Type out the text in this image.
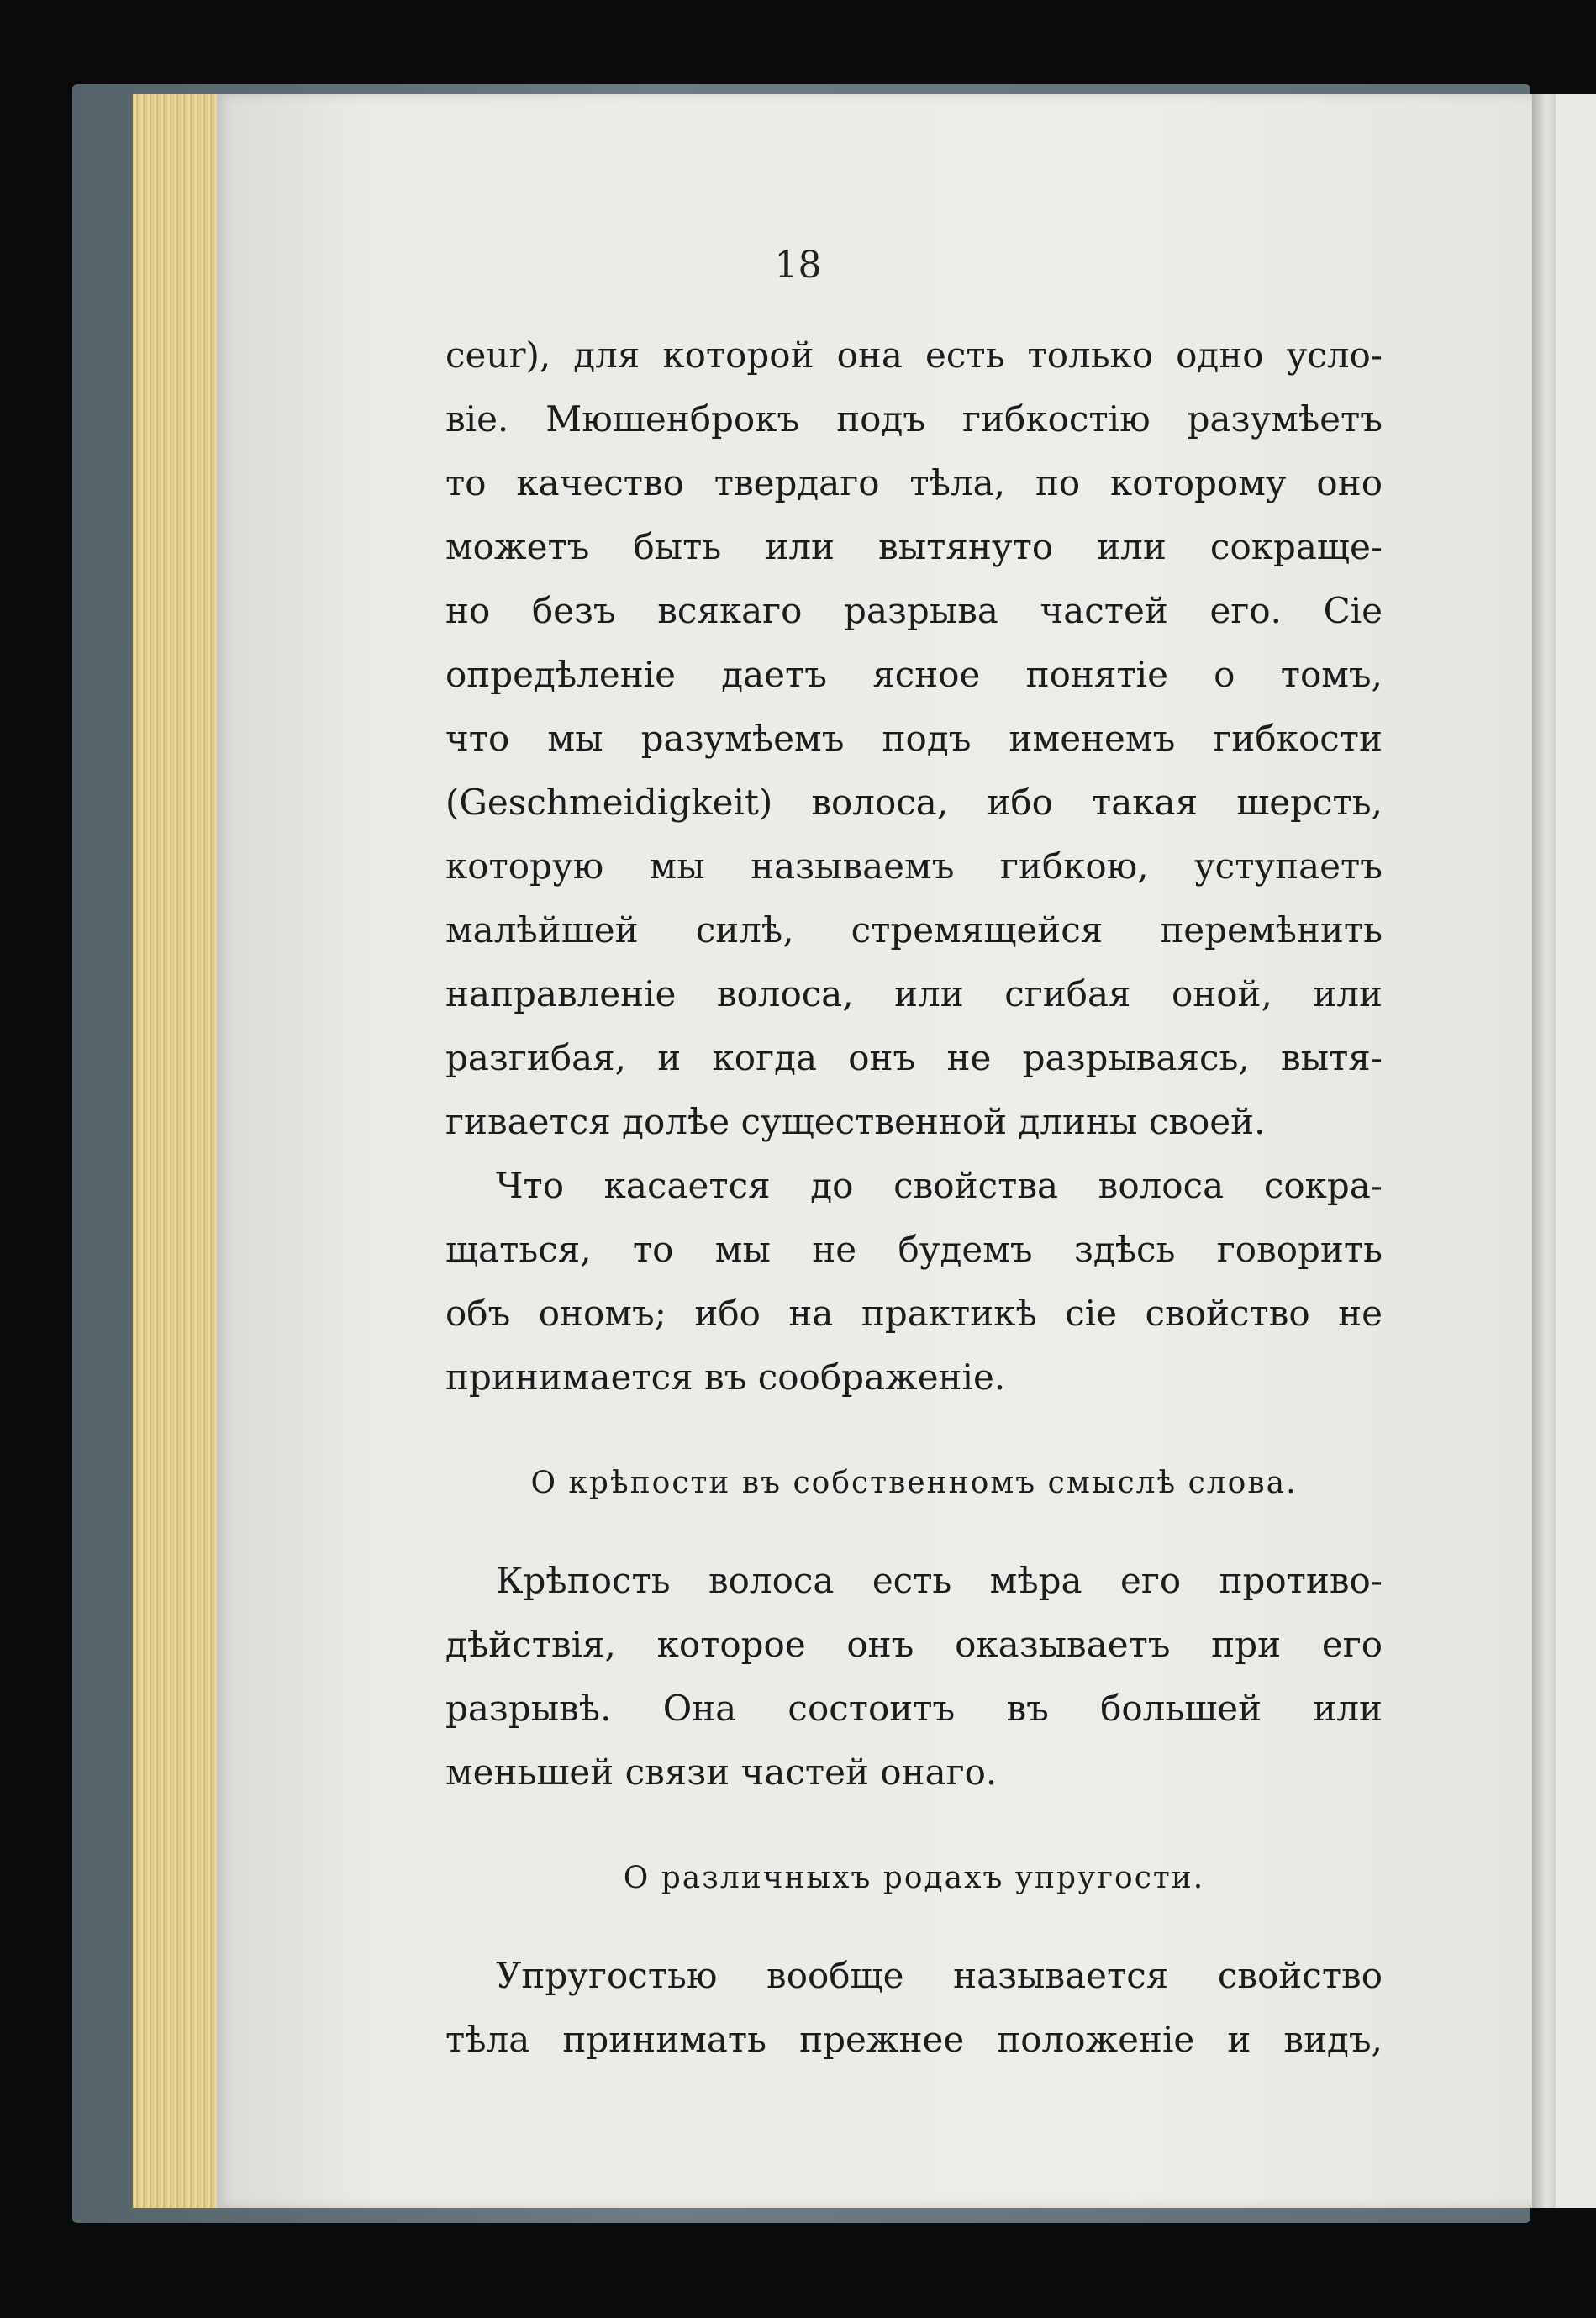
18
ceur), для которой она есть только одно усло-
віе. Мюшенброкъ подъ гибкостію разумѣетъ
то качество твердаго тѣла, по которому оно
можетъ быть или вытянуто или сокраще-
но безъ всякаго разрыва частей его. Сіе
опредѣленіе даетъ ясное понятіе о томъ,
что мы разумѣемъ подъ именемъ гибкости
(Geschmeidigkeit) волоса, ибо такая шерсть,
которую мы называемъ гибкою, уступаетъ
малѣйшей силѣ, стремящейся перемѣнить
направленіе волоса, или сгибая оной, или
разгибая, и когда онъ не разрываясь, вытя-
гивается долѣе существенной длины своей.
Что касается до свойства волоса сокра-
щаться, то мы не будемъ здѣсь говорить
объ ономъ; ибо на практикѣ сіе свойство не
принимается въ соображеніе.
О крѣпости въ собственномъ смыслѣ слова.
Крѣпость волоса есть мѣра его противо-
дѣйствія, которое онъ оказываетъ при его
разрывѣ. Она состоитъ въ большей или
меньшей связи частей онаго.
О различныхъ родахъ упругости.
Упругостью вообще называется свойство
тѣла принимать прежнее положеніе и видъ,
